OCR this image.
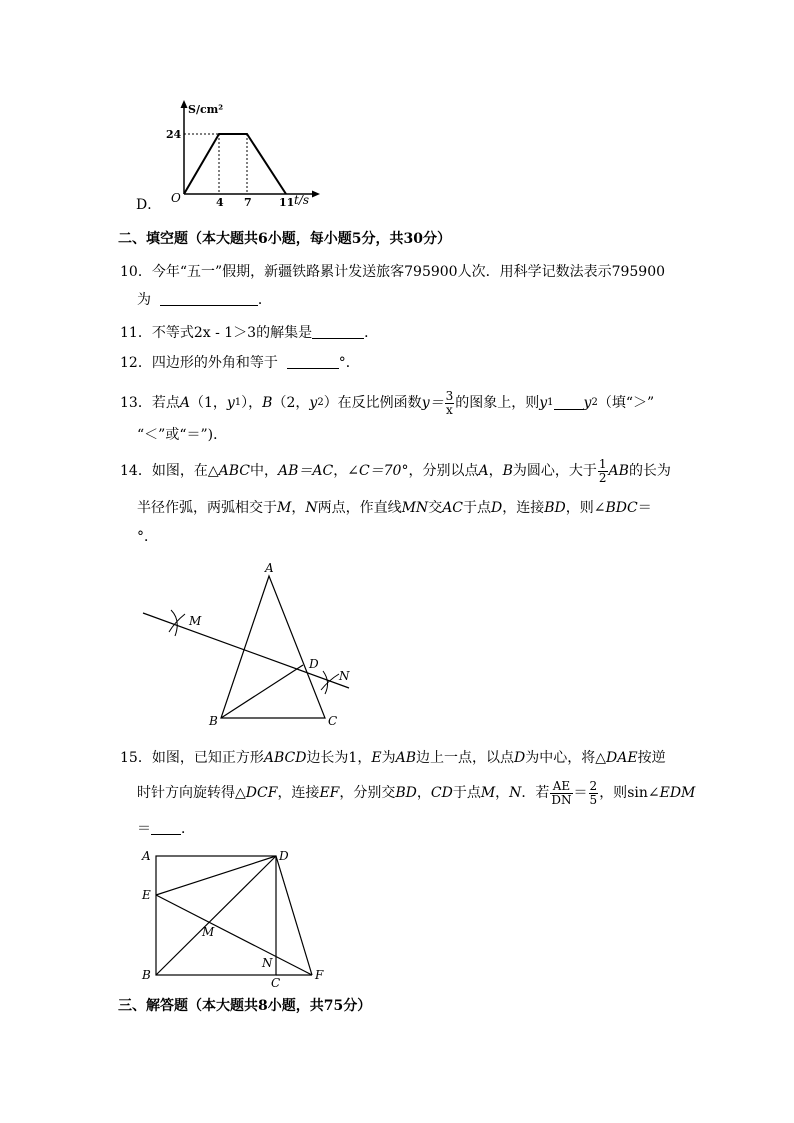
S/cm²
24
O	4 7 11 t/s
D．
二、填空题（本大题共6小题，每小题5分，共30分）
10．今年“五一”假期，新疆铁路累计发送旅客795900人次．用科学记数法表示795900
为	．
11．不等式2x - 1＞3的解集是	．
12．四边形的外角和等于	°．
13．若点 A （1， y 1 ）， B （2， y 2 ）在反比例函数 $y= \frac{3}{x}$ 的图象上，则 y 1 y 2 （填“＞”
“＜”或“＝”)．
14．如图，在△ ABC 中， AB＝AC ，∠ C＝70° ，分别以点 A ， B 为圆心，大于 $\frac{1}{2}$ AB 的长为
半径作弧，两弧相交于M，N两点，作直线MN交AC于点D，连接BD，则∠BDC＝
°．
A
B	C
D
M
N
15．如图，已知正方形ABCD边长为1，E为AB边上一点，以点D为中心，将△DAE按逆
时针方向旋转得△ DCF ，连接 EF ，分别交 BD ， CD 于点 M ， N ．若 $\frac{AE}{DN} = \frac{2}{5}$ ，则 sin∠ EDM
＝ ．
A	D
E
M
B
N
C
F
三、解答题（本大题共8小题，共75分）
